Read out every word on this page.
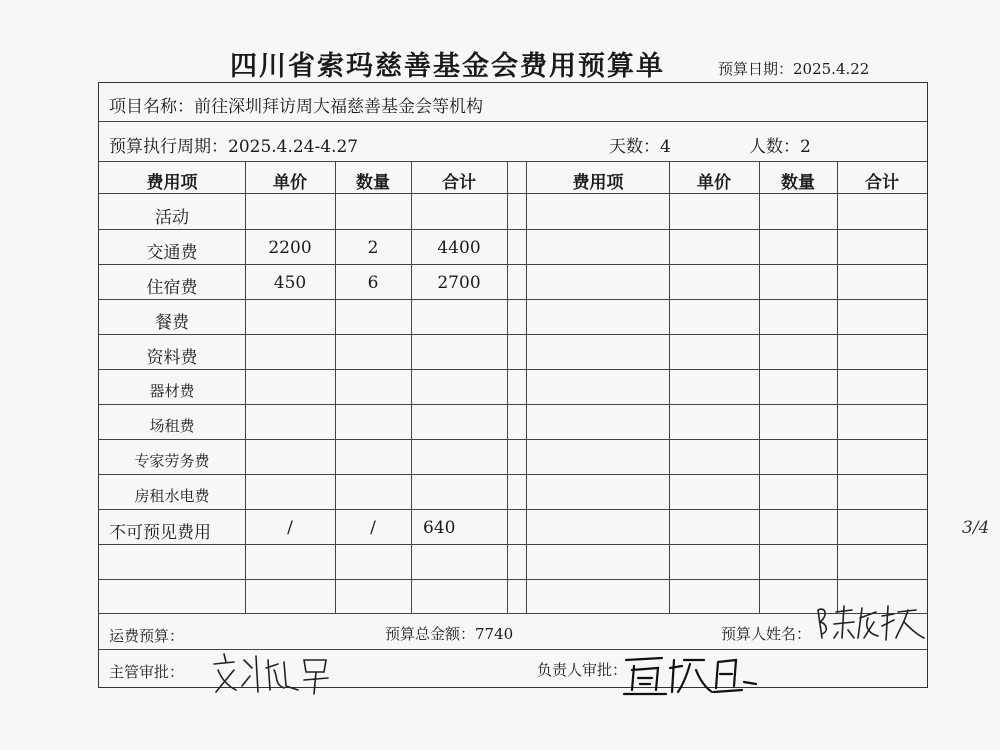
四川省索玛慈善基金会费用预算单	预算日期：2025.4.22
项目名称：前往深圳拜访周大福慈善基金会等机构
预算执行周期：2025.4.24-4.27	天数：4	人数：2
费用项	单价	数量	合计	费用项	单价	数量	合计
活动
交通费	2200	2	4400
住宿费	450	6	2700
餐费
资料费
器材费
场租费
专家劳务费
房租水电费
不可预见费用	/	/	640
运费预算：	预算总金额：7740	预算人姓名：
主管审批：	负责人审批：
3/4
